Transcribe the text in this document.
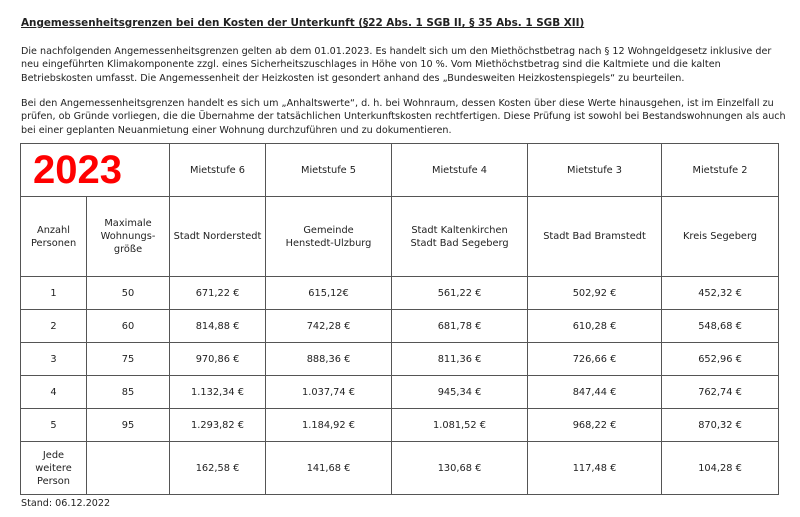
Angemessenheitsgrenzen bei den Kosten der Unterkunft (§22 Abs. 1 SGB II, § 35 Abs. 1 SGB XII)

Die nachfolgenden Angemessenheitsgrenzen gelten ab dem 01.01.2023. Es handelt sich um den Miethöchstbetrag nach § 12 Wohngeldgesetz inklusive der neu eingeführten Klimakomponente zzgl. eines Sicherheitszuschlages in Höhe von 10 %. Vom Miethöchstbetrag sind die Kaltmiete und die kalten Betriebskosten umfasst. Die Angemessenheit der Heizkosten ist gesondert anhand des „Bundesweiten Heizkostenspiegels“ zu beurteilen.

Bei den Angemessenheitsgrenzen handelt es sich um „Anhaltswerte“, d. h. bei Wohnraum, dessen Kosten über diese Werte hinausgehen, ist im Einzelfall zu prüfen, ob Gründe vorliegen, die die Übernahme der tatsächlichen Unterkunftskosten rechtfertigen. Diese Prüfung ist sowohl bei Bestandswohnungen als auch bei einer geplanten Neuanmietung einer Wohnung durchzuführen und zu dokumentieren.

2023		Mietstufe 6	Mietstufe 5	Mietstufe 4	Mietstufe 3	Mietstufe 2
Anzahl Personen	Maximale Wohnungs-größe	Stadt Norderstedt	Gemeinde Henstedt-Ulzburg	Stadt Kaltenkirchen Stadt Bad Segeberg	Stadt Bad Bramstedt	Kreis Segeberg
1	50	671,22 €	615,12€	561,22 €	502,92 €	452,32 €
2	60	814,88 €	742,28 €	681,78 €	610,28 €	548,68 €
3	75	970,86 €	888,36 €	811,36 €	726,66 €	652,96 €
4	85	1.132,34 €	1.037,74 €	945,34 €	847,44 €	762,74 €
5	95	1.293,82 €	1.184,92 €	1.081,52 €	968,22 €	870,32 €
Jede weitere Person		162,58 €	141,68 €	130,68 €	117,48 €	104,28 €
Stand: 06.12.2022
